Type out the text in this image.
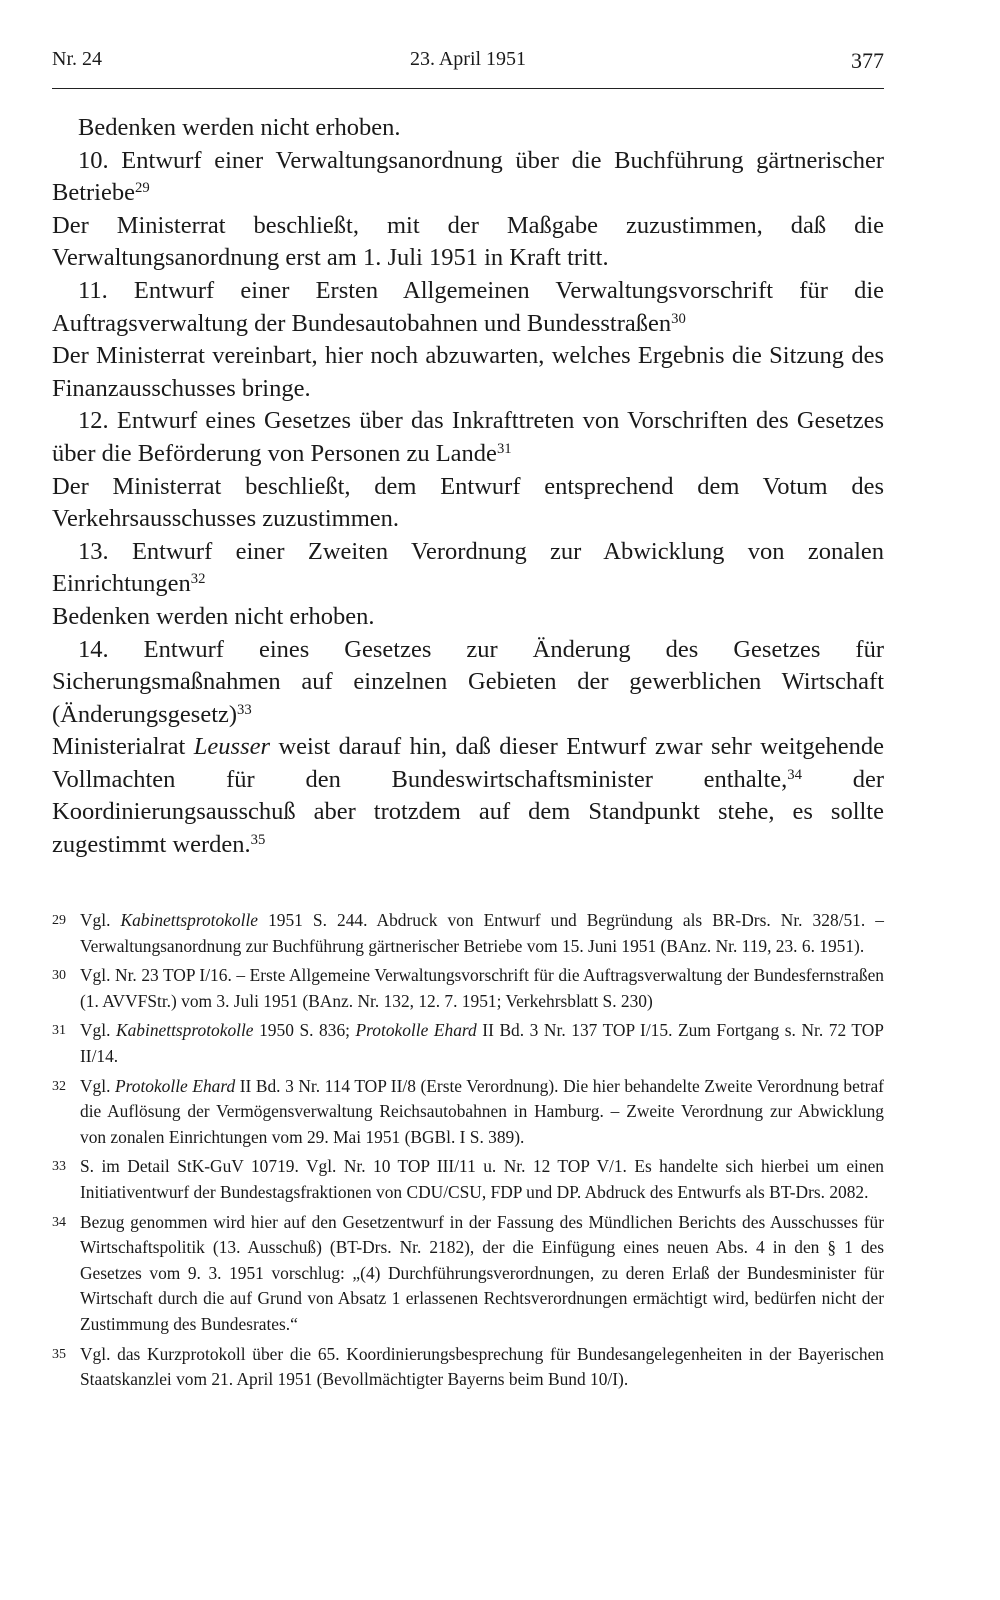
Nr. 24	23. April 1951	377

Bedenken werden nicht erhoben.

10. Entwurf einer Verwaltungsanordnung über die Buchführung gärtnerischer Betriebe$^{29}$

Der Ministerrat beschließt, mit der Maßgabe zuzustimmen, daß die Verwaltungsanordnung erst am 1. Juli 1951 in Kraft tritt.

11. Entwurf einer Ersten Allgemeinen Verwaltungsvorschrift für die Auftragsverwaltung der Bundesautobahnen und Bundesstraßen$^{30}$

Der Ministerrat vereinbart, hier noch abzuwarten, welches Ergebnis die Sitzung des Finanzausschusses bringe.

12. Entwurf eines Gesetzes über das Inkrafttreten von Vorschriften des Gesetzes über die Beförderung von Personen zu Lande$^{31}$

Der Ministerrat beschließt, dem Entwurf entsprechend dem Votum des Verkehrsausschusses zuzustimmen.

13. Entwurf einer Zweiten Verordnung zur Abwicklung von zonalen Einrichtungen$^{32}$

Bedenken werden nicht erhoben.

14. Entwurf eines Gesetzes zur Änderung des Gesetzes für Sicherungsmaßnahmen auf einzelnen Gebieten der gewerblichen Wirtschaft (Änderungsgesetz)$^{33}$

Ministerialrat Leusser weist darauf hin, daß dieser Entwurf zwar sehr weitgehende Vollmachten für den Bundeswirtschaftsminister enthalte,$^{34}$ der Koordinierungsausschuß aber trotzdem auf dem Standpunkt stehe, es sollte zugestimmt werden.$^{35}$

29 Vgl. Kabinettsprotokolle 1951 S. 244. Abdruck von Entwurf und Begründung als BR-Drs. Nr. 328/51. – Verwaltungsanordnung zur Buchführung gärtnerischer Betriebe vom 15. Juni 1951 (BAnz. Nr. 119, 23. 6. 1951).
30 Vgl. Nr. 23 TOP I/16. – Erste Allgemeine Verwaltungsvorschrift für die Auftragsverwaltung der Bundesfernstraßen (1. AVVFStr.) vom 3. Juli 1951 (BAnz. Nr. 132, 12. 7. 1951; Verkehrsblatt S. 230)
31 Vgl. Kabinettsprotokolle 1950 S. 836; Protokolle Ehard II Bd. 3 Nr. 137 TOP I/15. Zum Fortgang s. Nr. 72 TOP II/14.
32 Vgl. Protokolle Ehard II Bd. 3 Nr. 114 TOP II/8 (Erste Verordnung). Die hier behandelte Zweite Verordnung betraf die Auflösung der Vermögensverwaltung Reichsautobahnen in Hamburg. – Zweite Verordnung zur Abwicklung von zonalen Einrichtungen vom 29. Mai 1951 (BGBl. I S. 389).
33 S. im Detail StK-GuV 10719. Vgl. Nr. 10 TOP III/11 u. Nr. 12 TOP V/1. Es handelte sich hierbei um einen Initiativentwurf der Bundestagsfraktionen von CDU/CSU, FDP und DP. Abdruck des Entwurfs als BT-Drs. 2082.
34 Bezug genommen wird hier auf den Gesetzentwurf in der Fassung des Mündlichen Berichts des Ausschusses für Wirtschaftspolitik (13. Ausschuß) (BT-Drs. Nr. 2182), der die Einfügung eines neuen Abs. 4 in den § 1 des Gesetzes vom 9. 3. 1951 vorschlug: „(4) Durchführungsverordnungen, zu deren Erlaß der Bundesminister für Wirtschaft durch die auf Grund von Absatz 1 erlassenen Rechtsverordnungen ermächtigt wird, bedürfen nicht der Zustimmung des Bundesrates.“
35 Vgl. das Kurzprotokoll über die 65. Koordinierungsbesprechung für Bundesangelegenheiten in der Bayerischen Staatskanzlei vom 21. April 1951 (Bevollmächtigter Bayerns beim Bund 10/I).
